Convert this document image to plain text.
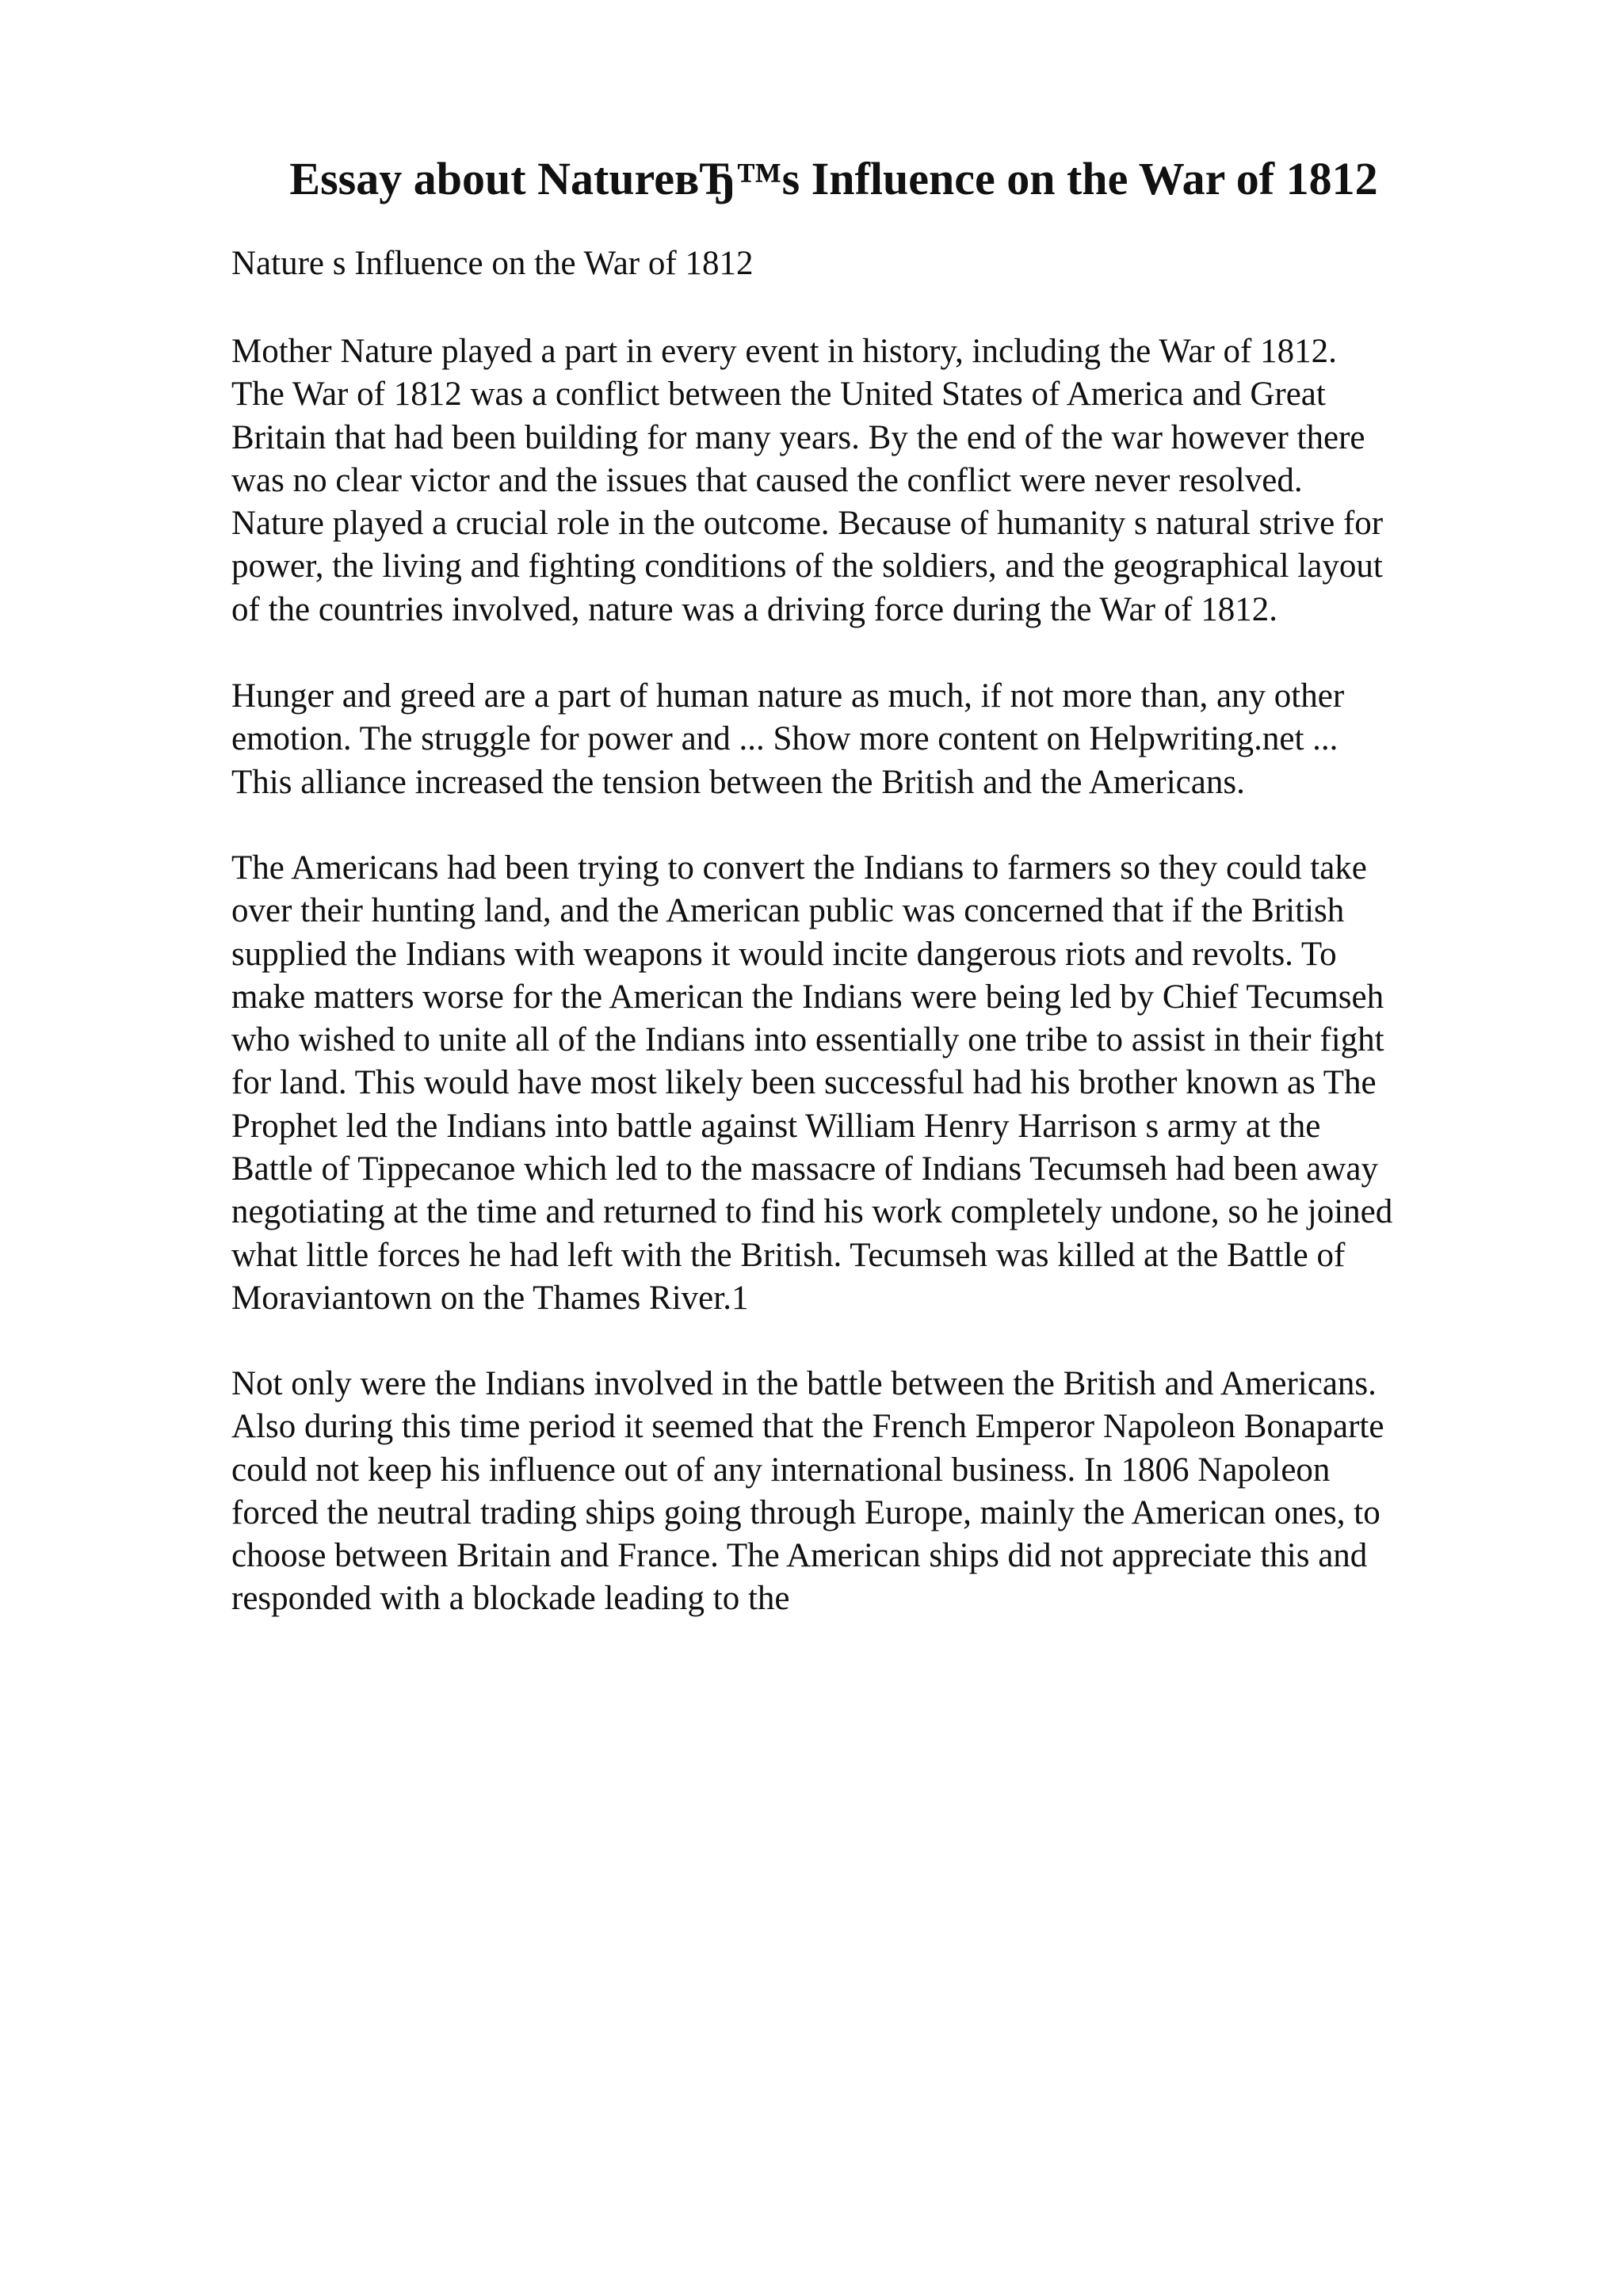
Essay about NatureвЂ™s Influence on the War of 1812
Nature s Influence on the War of 1812
Mother Nature played a part in every event in history, including the War of 1812.
The War of 1812 was a conflict between the United States of America and Great
Britain that had been building for many years. By the end of the war however there
was no clear victor and the issues that caused the conflict were never resolved.
Nature played a crucial role in the outcome. Because of humanity s natural strive for
power, the living and fighting conditions of the soldiers, and the geographical layout
of the countries involved, nature was a driving force during the War of 1812.
Hunger and greed are a part of human nature as much, if not more than, any other
emotion. The struggle for power and ... Show more content on Helpwriting.net ...
This alliance increased the tension between the British and the Americans.
The Americans had been trying to convert the Indians to farmers so they could take
over their hunting land, and the American public was concerned that if the British
supplied the Indians with weapons it would incite dangerous riots and revolts. To
make matters worse for the American the Indians were being led by Chief Tecumseh
who wished to unite all of the Indians into essentially one tribe to assist in their fight
for land. This would have most likely been successful had his brother known as The
Prophet led the Indians into battle against William Henry Harrison s army at the
Battle of Tippecanoe which led to the massacre of Indians Tecumseh had been away
negotiating at the time and returned to find his work completely undone, so he joined
what little forces he had left with the British. Tecumseh was killed at the Battle of
Moraviantown on the Thames River.1
Not only were the Indians involved in the battle between the British and Americans.
Also during this time period it seemed that the French Emperor Napoleon Bonaparte
could not keep his influence out of any international business. In 1806 Napoleon
forced the neutral trading ships going through Europe, mainly the American ones, to
choose between Britain and France. The American ships did not appreciate this and
responded with a blockade leading to the
